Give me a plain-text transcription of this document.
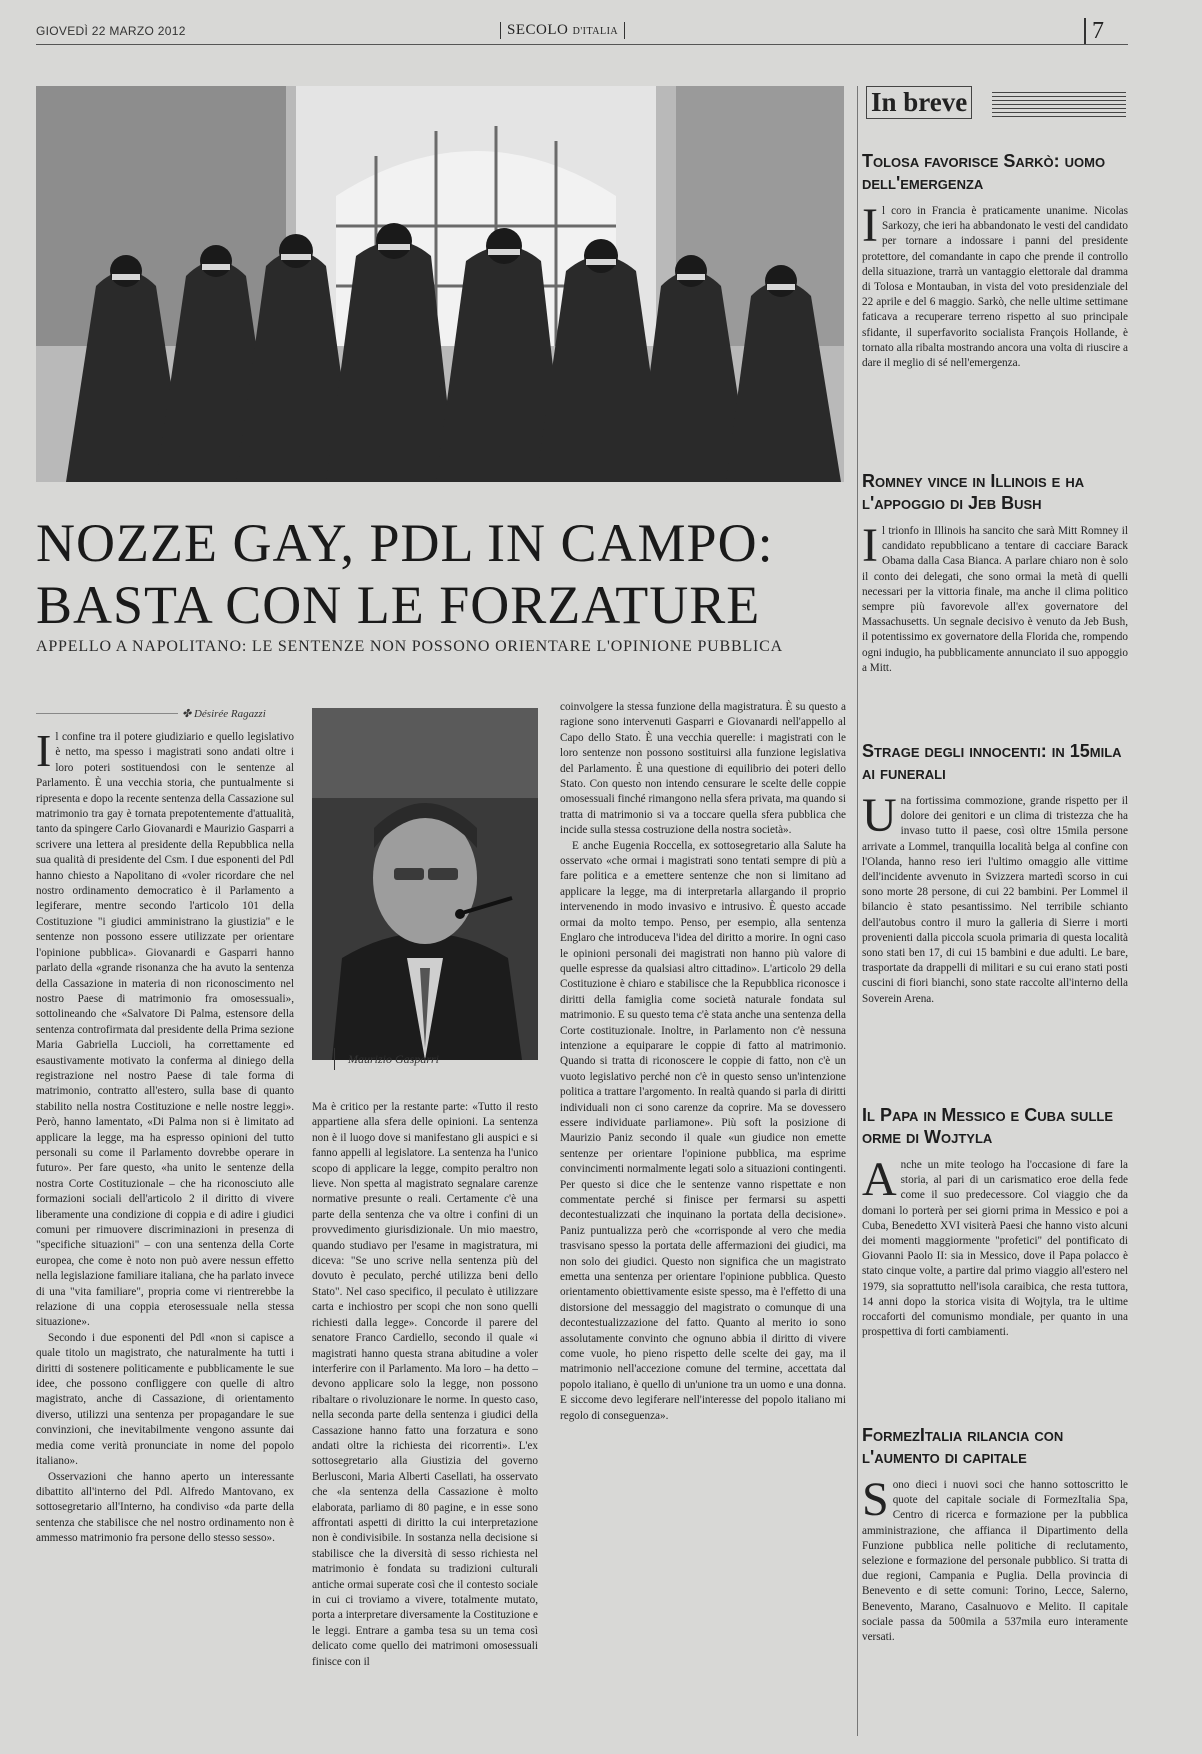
GIOVEDÌ 22 MARZO 2012	SECOLO D'ITALIA	7
NOZZE GAY, PDL IN CAMPO:
BASTA CON LE FORZATURE
APPELLO A NAPOLITANO: LE SENTENZE NON POSSONO ORIENTARE L'OPINIONE PUBBLICA
✤ Désirée Ragazzi

Il confine tra il potere giudiziario e quello legislativo è netto, ma spesso i magistrati sono andati oltre i loro poteri sostituendosi con le sentenze al Parlamento. È una vecchia storia, che puntualmente si ripresenta e dopo la recente sentenza della Cassazione sul matrimonio tra gay è tornata prepotentemente d'attualità, tanto da spingere Carlo Giovanardi e Maurizio Gasparri a scrivere una lettera al presidente della Repubblica nella sua qualità di presidente del Csm. I due esponenti del Pdl hanno chiesto a Napolitano di «voler ricordare che nel nostro ordinamento democratico è il Parlamento a legiferare, mentre secondo l'articolo 101 della Costituzione "i giudici amministrano la giustizia" e le sentenze non possono essere utilizzate per orientare l'opinione pubblica». Giovanardi e Gasparri hanno parlato della «grande risonanza che ha avuto la sentenza della Cassazione in materia di non riconoscimento nel nostro Paese di matrimonio fra omosessuali», sottolineando che «Salvatore Di Palma, estensore della sentenza controfirmata dal presidente della Prima sezione Maria Gabriella Luccioli, ha correttamente ed esaustivamente motivato la conferma al diniego della registrazione nel nostro Paese di tale forma di matrimonio, contratto all'estero, sulla base di quanto stabilito nella nostra Costituzione e nelle nostre leggi». Però, hanno lamentato, «Di Palma non si è limitato ad applicare la legge, ma ha espresso opinioni del tutto personali su come il Parlamento dovrebbe operare in futuro». Per fare questo, «ha unito le sentenze della nostra Corte Costituzionale – che ha riconosciuto alle formazioni sociali dell'articolo 2 il diritto di vivere liberamente una condizione di coppia e di adire i giudici comuni per rimuovere discriminazioni in presenza di "specifiche situazioni" – con una sentenza della Corte europea, che come è noto non può avere nessun effetto nella legislazione familiare italiana, che ha parlato invece di una "vita familiare", propria come vi rientrerebbe la relazione di una coppia eterosessuale nella stessa situazione».

Secondo i due esponenti del Pdl «non si capisce a quale titolo un magistrato, che naturalmente ha tutti i diritti di sostenere politicamente e pubblicamente le sue idee, che possono confliggere con quelle di altro magistrato, anche di Cassazione, di orientamento diverso, utilizzi una sentenza per propagandare le sue convinzioni, che inevitabilmente vengono assunte dai media come verità pronunciate in nome del popolo italiano».

Osservazioni che hanno aperto un interessante dibattito all'interno del Pdl. Alfredo Mantovano, ex sottosegretario all'Interno, ha condiviso «da parte della sentenza che stabilisce che nel nostro ordinamento non è ammesso matrimonio fra persone dello stesso sesso».

Maurizio Gasparri

Ma è critico per la restante parte: «Tutto il resto appartiene alla sfera delle opinioni. La sentenza non è il luogo dove si manifestano gli auspici e si fanno appelli al legislatore. La sentenza ha l'unico scopo di applicare la legge, compito peraltro non lieve. Non spetta al magistrato segnalare carenze normative presunte o reali. Certamente c'è una parte della sentenza che va oltre i confini di un provvedimento giurisdizionale. Un mio maestro, quando studiavo per l'esame in magistratura, mi diceva: "Se uno scrive nella sentenza più del dovuto è peculato, perché utilizza beni dello Stato". Nel caso specifico, il peculato è utilizzare carta e inchiostro per scopi che non sono quelli richiesti dalla legge». Concorde il parere del senatore Franco Cardiello, secondo il quale «i magistrati hanno questa strana abitudine a voler interferire con il Parlamento. Ma loro – ha detto – devono applicare solo la legge, non possono ribaltare o rivoluzionare le norme. In questo caso, nella seconda parte della sentenza i giudici della Cassazione hanno fatto una forzatura e sono andati oltre la richiesta dei ricorrenti». L'ex sottosegretario alla Giustizia del governo Berlusconi, Maria Alberti Casellati, ha osservato che «la sentenza della Cassazione è molto elaborata, parliamo di 80 pagine, e in esse sono affrontati aspetti di diritto la cui interpretazione non è condivisibile. In sostanza nella decisione si stabilisce che la diversità di sesso richiesta nel matrimonio è fondata su tradizioni culturali antiche ormai superate così che il contesto sociale in cui ci troviamo a vivere, totalmente mutato, porta a interpretare diversamente la Costituzione e le leggi. Entrare a gamba tesa su un tema così delicato come quello dei matrimoni omosessuali finisce con il

coinvolgere la stessa funzione della magistratura. È su questo a ragione sono intervenuti Gasparri e Giovanardi nell'appello al Capo dello Stato. È una vecchia querelle: i magistrati con le loro sentenze non possono sostituirsi alla funzione legislativa del Parlamento. È una questione di equilibrio dei poteri dello Stato. Con questo non intendo censurare le scelte delle coppie omosessuali finché rimangono nella sfera privata, ma quando si tratta di matrimonio si va a toccare quella sfera pubblica che incide sulla stessa costruzione della nostra società».

E anche Eugenia Roccella, ex sottosegretario alla Salute ha osservato «che ormai i magistrati sono tentati sempre di più a fare politica e a emettere sentenze che non si limitano ad applicare la legge, ma di interpretarla allargando il proprio intervenendo in modo invasivo e intrusivo. È questo accade ormai da molto tempo. Penso, per esempio, alla sentenza Englaro che introduceva l'idea del diritto a morire. In ogni caso le opinioni personali dei magistrati non hanno più valore di quelle espresse da qualsiasi altro cittadino». L'articolo 29 della Costituzione è chiaro e stabilisce che la Repubblica riconosce i diritti della famiglia come società naturale fondata sul matrimonio. E su questo tema c'è stata anche una sentenza della Corte costituzionale. Inoltre, in Parlamento non c'è nessuna intenzione a equiparare le coppie di fatto al matrimonio. Quando si tratta di riconoscere le coppie di fatto, non c'è un vuoto legislativo perché non c'è in questo senso un'intenzione politica a trattare l'argomento. In realtà quando si parla di diritti individuali non ci sono carenze da coprire. Ma se dovessero essere individuate parliamone». Più soft la posizione di Maurizio Paniz secondo il quale «un giudice non emette sentenze per orientare l'opinione pubblica, ma esprime convincimenti normalmente legati solo a situazioni contingenti. Per questo si dice che le sentenze vanno rispettate e non commentate perché si finisce per fermarsi su aspetti decontestualizzati che inquinano la portata della decisione». Paniz puntualizza però che «corrisponde al vero che media trasvisano spesso la portata delle affermazioni dei giudici, ma non solo dei giudici. Questo non significa che un magistrato emetta una sentenza per orientare l'opinione pubblica. Questo orientamento obiettivamente esiste spesso, ma è l'effetto di una distorsione del messaggio del magistrato o comunque di una decontestualizzazione del fatto. Quanto al merito io sono assolutamente convinto che ognuno abbia il diritto di vivere come vuole, ho pieno rispetto delle scelte dei gay, ma il matrimonio nell'accezione comune del termine, accettata dal popolo italiano, è quello di un'unione tra un uomo e una donna. E siccome devo legiferare nell'interesse del popolo italiano mi regolo di conseguenza».

In breve
Tolosa favorisce Sarkò: uomo dell'emergenza
Il coro in Francia è praticamente unanime. Nicolas Sarkozy, che ieri ha abbandonato le vesti del candidato per tornare a indossare i panni del presidente protettore, del comandante in capo che prende il controllo della situazione, trarrà un vantaggio elettorale dal dramma di Tolosa e Montauban, in vista del voto presidenziale del 22 aprile e del 6 maggio. Sarkò, che nelle ultime settimane faticava a recuperare terreno rispetto al suo principale sfidante, il superfavorito socialista François Hollande, è tornato alla ribalta mostrando ancora una volta di riuscire a dare il meglio di sé nell'emergenza.
Romney vince in Illinois e ha l'appoggio di Jeb Bush
Il trionfo in Illinois ha sancito che sarà Mitt Romney il candidato repubblicano a tentare di cacciare Barack Obama dalla Casa Bianca. A parlare chiaro non è solo il conto dei delegati, che sono ormai la metà di quelli necessari per la vittoria finale, ma anche il clima politico sempre più favorevole all'ex governatore del Massachusetts. Un segnale decisivo è venuto da Jeb Bush, il potentissimo ex governatore della Florida che, rompendo ogni indugio, ha pubblicamente annunciato il suo appoggio a Mitt.
Strage degli innocenti: in 15mila ai funerali
Una fortissima commozione, grande rispetto per il dolore dei genitori e un clima di tristezza che ha invaso tutto il paese, così oltre 15mila persone arrivate a Lommel, tranquilla località belga al confine con l'Olanda, hanno reso ieri l'ultimo omaggio alle vittime dell'incidente avvenuto in Svizzera martedì scorso in cui sono morte 28 persone, di cui 22 bambini. Per Lommel il bilancio è stato pesantissimo. Nel terribile schianto dell'autobus contro il muro la galleria di Sierre i morti provenienti dalla piccola scuola primaria di questa località sono stati ben 17, di cui 15 bambini e due adulti. Le bare, trasportate da drappelli di militari e su cui erano stati posti cuscini di fiori bianchi, sono state raccolte all'interno della Soverein Arena.
Il Papa in Messico e Cuba sulle orme di Wojtyla
Anche un mite teologo ha l'occasione di fare la storia, al pari di un carismatico eroe della fede come il suo predecessore. Col viaggio che da domani lo porterà per sei giorni prima in Messico e poi a Cuba, Benedetto XVI visiterà Paesi che hanno visto alcuni dei momenti maggiormente "profetici" del pontificato di Giovanni Paolo II: sia in Messico, dove il Papa polacco è stato cinque volte, a partire dal primo viaggio all'estero nel 1979, sia soprattutto nell'isola caraibica, che resta tuttora, 14 anni dopo la storica visita di Wojtyla, tra le ultime roccaforti del comunismo mondiale, per quanto in una prospettiva di forti cambiamenti.
FormezItalia rilancia con l'aumento di capitale
Sono dieci i nuovi soci che hanno sottoscritto le quote del capitale sociale di FormezItalia Spa, Centro di ricerca e formazione per la pubblica amministrazione, che affianca il Dipartimento della Funzione pubblica nelle politiche di reclutamento, selezione e formazione del personale pubblico. Si tratta di due regioni, Campania e Puglia. Della provincia di Benevento e di sette comuni: Torino, Lecce, Salerno, Benevento, Marano, Casalnuovo e Melito. Il capitale sociale passa da 500mila a 537mila euro interamente versati.
